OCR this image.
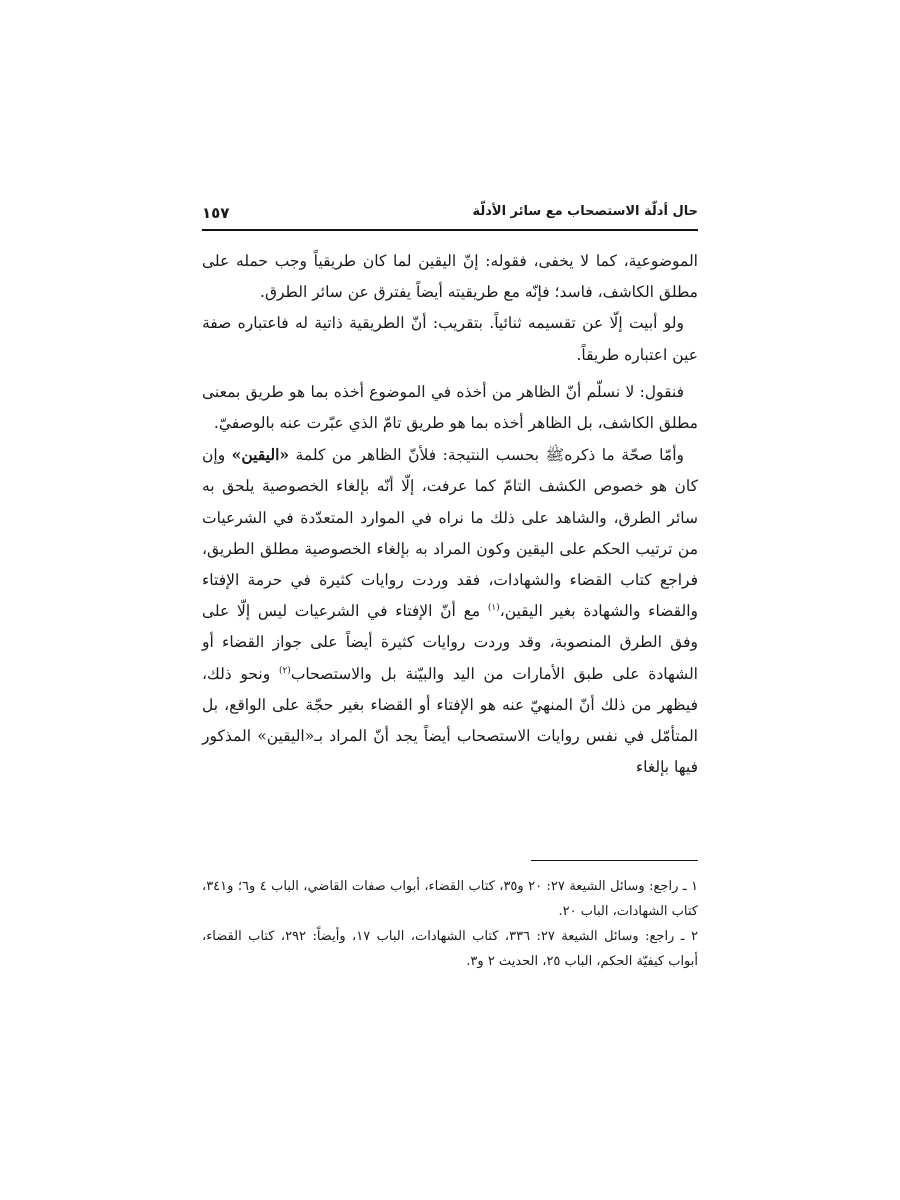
حال أدلّة الاستصحاب مع سائر الأدلّة
١٥٧

الموضوعية، كما لا يخفى، فقوله: إنّ اليقين لما كان طريقياً وجب حمله على مطلق الكاشف، فاسد؛ فإنّه مع طريقيته أيضاً يفترق عن سائر الطرق.

ولو أبيت إلّا عن تقسيمه ثنائياً. بتقريب: أنّ الطريقية ذاتية له فاعتباره صفة عين اعتباره طريقاً.

فنقول: لا نسلّم أنّ الظاهر من أخذه في الموضوع أخذه بما هو طريق بمعنى مطلق الكاشف، بل الظاهر أخذه بما هو طريق تامّ الذي عبّرت عنه بالوصفيّ.

وأمّا صحّة ما ذكرهﷺ بحسب النتيجة: فلأنّ الظاهر من كلمة «اليقين» وإن كان هو خصوص الكشف التامّ كما عرفت، إلّا أنّه بإلغاء الخصوصية يلحق به سائر الطرق، والشاهد على ذلك ما نراه في الموارد المتعدّدة في الشرعيات من ترتيب الحكم على اليقين وكون المراد به بإلغاء الخصوصية مطلق الطريق، فراجع كتاب القضاء والشهادات، فقد وردت روايات كثيرة في حرمة الإفتاء والقضاء والشهادة بغير اليقين،$^{(١)}$ مع أنّ الإفتاء في الشرعيات ليس إلّا على وفق الطرق المنصوبة، وقد وردت روايات كثيرة أيضاً على جواز القضاء أو الشهادة على طبق الأمارات من اليد والبيّنة بل والاستصحاب$^{(٢)}$ ونحو ذلك، فيظهر من ذلك أنّ المنهيّ عنه هو الإفتاء أو القضاء بغير حجّة على الواقع، بل المتأمّل في نفس روايات الاستصحاب أيضاً يجد أنّ المراد بـ«اليقين» المذكور فيها بإلغاء

١ ـ راجع: وسائل الشيعة ٢٧: ٢٠ و٣٥، كتاب القضاء، أبواب صفات القاضي، الباب ٤ و٦؛ و٣٤١، كتاب الشهادات، الباب ٢٠.

٢ ـ راجع: وسائل الشيعة ٢٧: ٣٣٦، كتاب الشهادات، الباب ١٧، وأيضاً: ٢٩٢، كتاب القضاء، أبواب كيفيّة الحكم، الباب ٢٥، الحديث ٢ و٣.
